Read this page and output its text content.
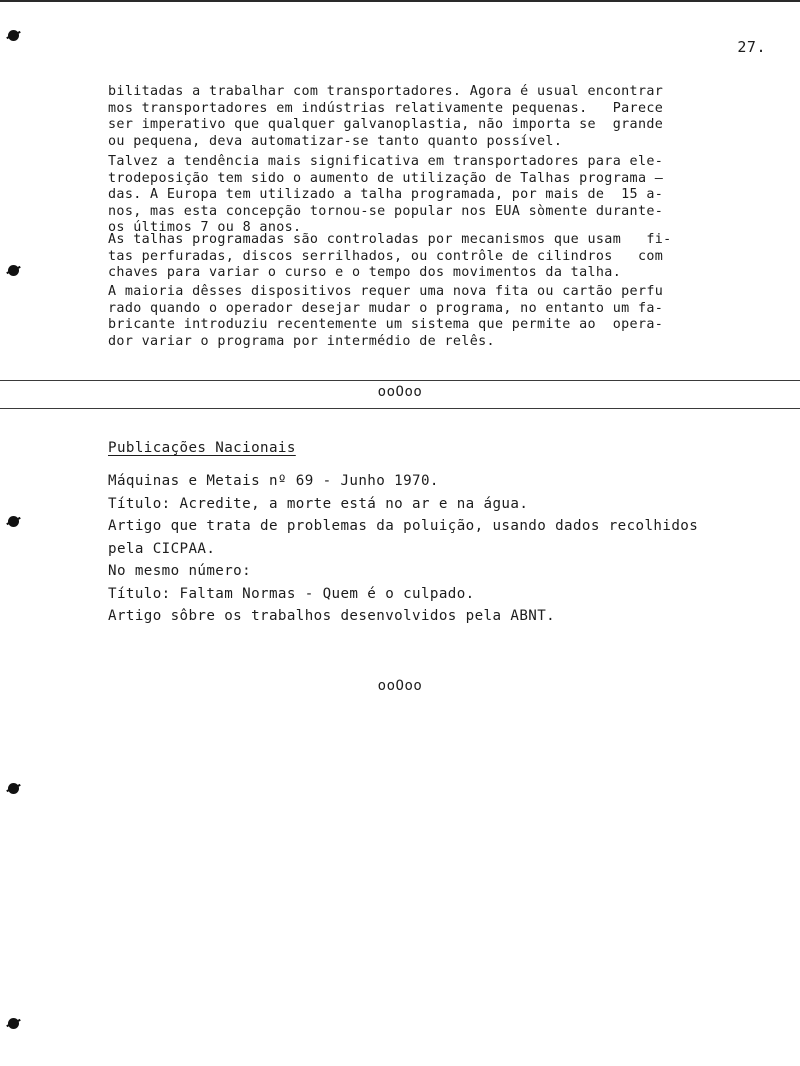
27.
bilitadas a trabalhar com transportadores. Agora é usual encontrar
mos transportadores em indústrias relativamente pequenas.   Parece
ser imperativo que qualquer galvanoplastia, não importa se  grande
ou pequena, deva automatizar-se tanto quanto possível.
Talvez a tendência mais significativa em transportadores para ele-
trodeposição tem sido o aumento de utilização de Talhas programa —
das. A Europa tem utilizado a talha programada, por mais de  15 a-
nos, mas esta concepção tornou-se popular nos EUA sòmente durante-
os últimos 7 ou 8 anos.
As talhas programadas são controladas por mecanismos que usam   fi-
tas perfuradas, discos serrilhados, ou contrôle de cilindros   com
chaves para variar o curso e o tempo dos movimentos da talha.
A maioria dêsses dispositivos requer uma nova fita ou cartão perfu
rado quando o operador desejar mudar o programa, no entanto um fa-
bricante introduziu recentemente um sistema que permite ao  opera-
dor variar o programa por intermédio de relês.
ooOoo
Publicações Nacionais
Máquinas e Metais nº 69 - Junho 1970.
Título: Acredite, a morte está no ar e na água.
Artigo que trata de problemas da poluição, usando dados recolhidos
pela CICPAA.
No mesmo número:
Título: Faltam Normas - Quem é o culpado.
Artigo sôbre os trabalhos desenvolvidos pela ABNT.
ooOoo
